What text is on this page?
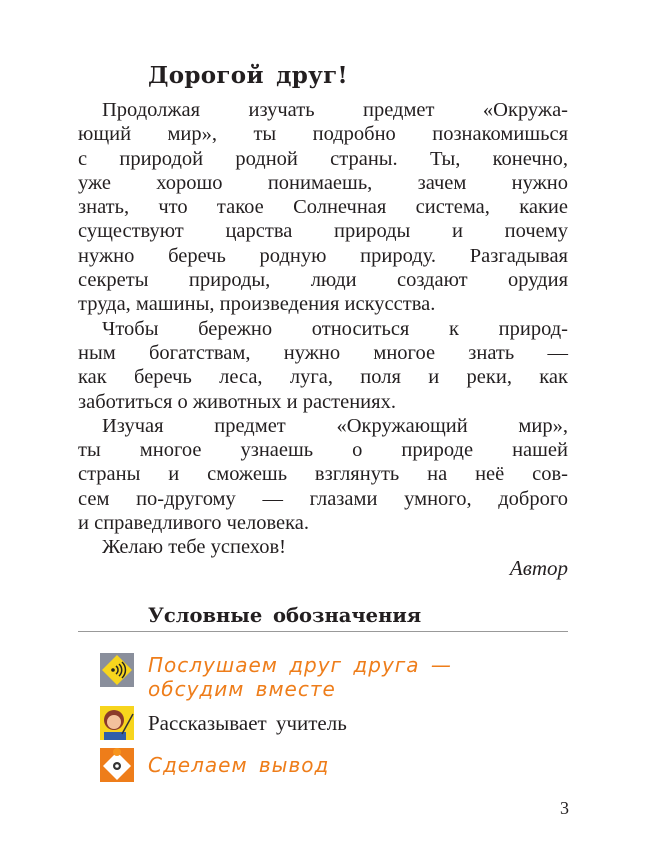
Дорогой друг!
Продолжая изучать предмет «Окружа-
ющий мир», ты подробно познакомишься
с природой родной страны. Ты, конечно,
уже хорошо понимаешь, зачем нужно
знать, что такое Солнечная система, какие
существуют царства природы и почему
нужно беречь родную природу. Разгадывая
секреты природы, люди создают орудия
труда, машины, произведения искусства.
Чтобы бережно относиться к природ-
ным богатствам, нужно многое знать —
как беречь леса, луга, поля и реки, как
заботиться о животных и растениях.
Изучая предмет «Окружающий мир»,
ты многое узнаешь о природе нашей
страны и сможешь взглянуть на неё сов-
сем по-другому — глазами умного, доброго
и справедливого человека.
Желаю тебе успехов!
Автор
Условные обозначения
Послушаем друг друга —
обсудим вместе
Рассказывает учитель
Сделаем вывод
3
